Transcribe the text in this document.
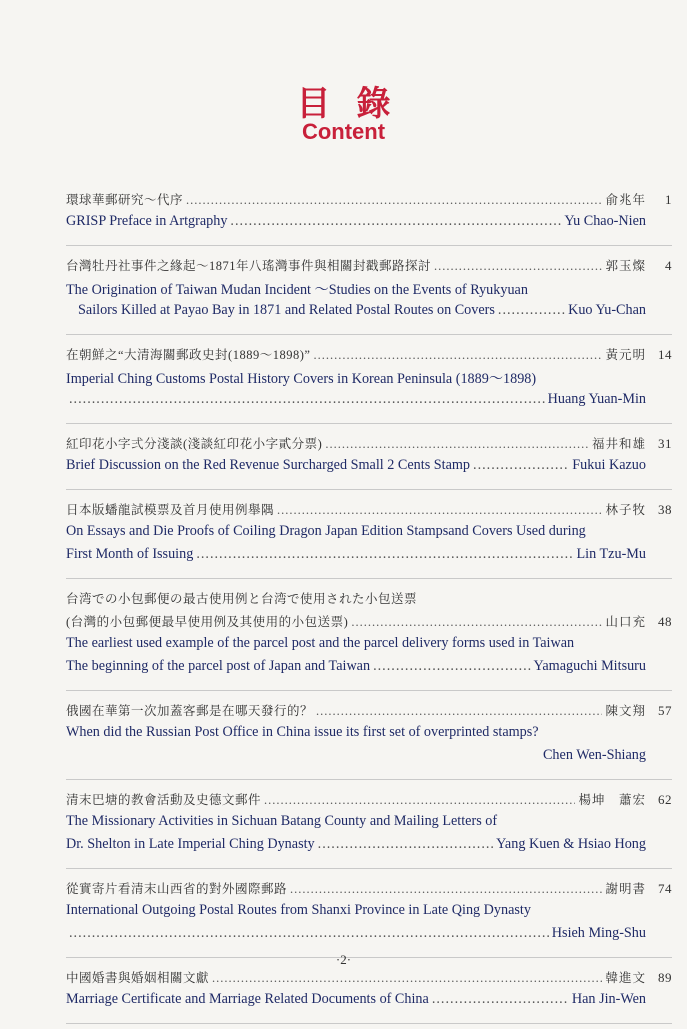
目錄
Content
環球華郵研究～代序 .....	俞兆年	1
GRISP Preface in Artgraphy .....	Yu Chao-Nien
台灣牡丹社事件之緣起～1871年八瑤灣事件與相關封戳郵路探討 .....	郭玉燦	4
The Origination of Taiwan Mudan Incident ～Studies on the Events of Ryukyuan
Sailors Killed at Payao Bay in 1871 and Related Postal Routes on Covers .....	Kuo Yu-Chan
在朝鮮之“大清海關郵政史封(1889～1898)” .....	黃元明 14
Imperial Ching Customs Postal History Covers in Korean Peninsula (1889～1898)
.....
Huang Yuan-Min
紅印花小字弍分淺談(淺談紅印花小字貳分票) .....	福井和雄 31
Brief Discussion on the Red Revenue Surcharged Small 2 Cents Stamp .....	Fukui Kazuo
日本版蟠龍試模票及首月使用例舉隅 .....	林子牧 38
On Essays and Die Proofs of Coiling Dragon Japan Edition Stampsand Covers Used during
First Month of Issuing .....	Lin Tzu-Mu
台湾での小包郵便の最古使用例と台湾で使用された小包送票
(台灣的小包郵便最早使用例及其使用的小包送票) .....	山口充 48
The earliest used example of the parcel post and the parcel delivery forms used in Taiwan
The beginning of the parcel post of Japan and Taiwan .....	Yamaguchi Mitsuru
俄國在華第一次加蓋客郵是在哪天發行的？ .....	陳文翔 57
When did the Russian Post Office in China issue its first set of overprinted stamps?
Chen Wen-Shiang
清末巴塘的教會活動及史德文郵件 .....	楊坤　蕭宏 62
The Missionary Activities in Sichuan Batang County and Mailing Letters of
Dr. Shelton in Late Imperial Ching Dynasty .....	Yang Kuen & Hsiao Hong
從實寄片看清末山西省的對外國際郵路 .....	謝明書 74
International Outgoing Postal Routes from Shanxi Province in Late Qing Dynasty
.....
Hsieh Ming-Shu
中國婚書與婚姻相關文獻 .....	韓進文 89
Marriage Certificate and Marriage Related Documents of China .....	Han Jin-Wen
·2·
